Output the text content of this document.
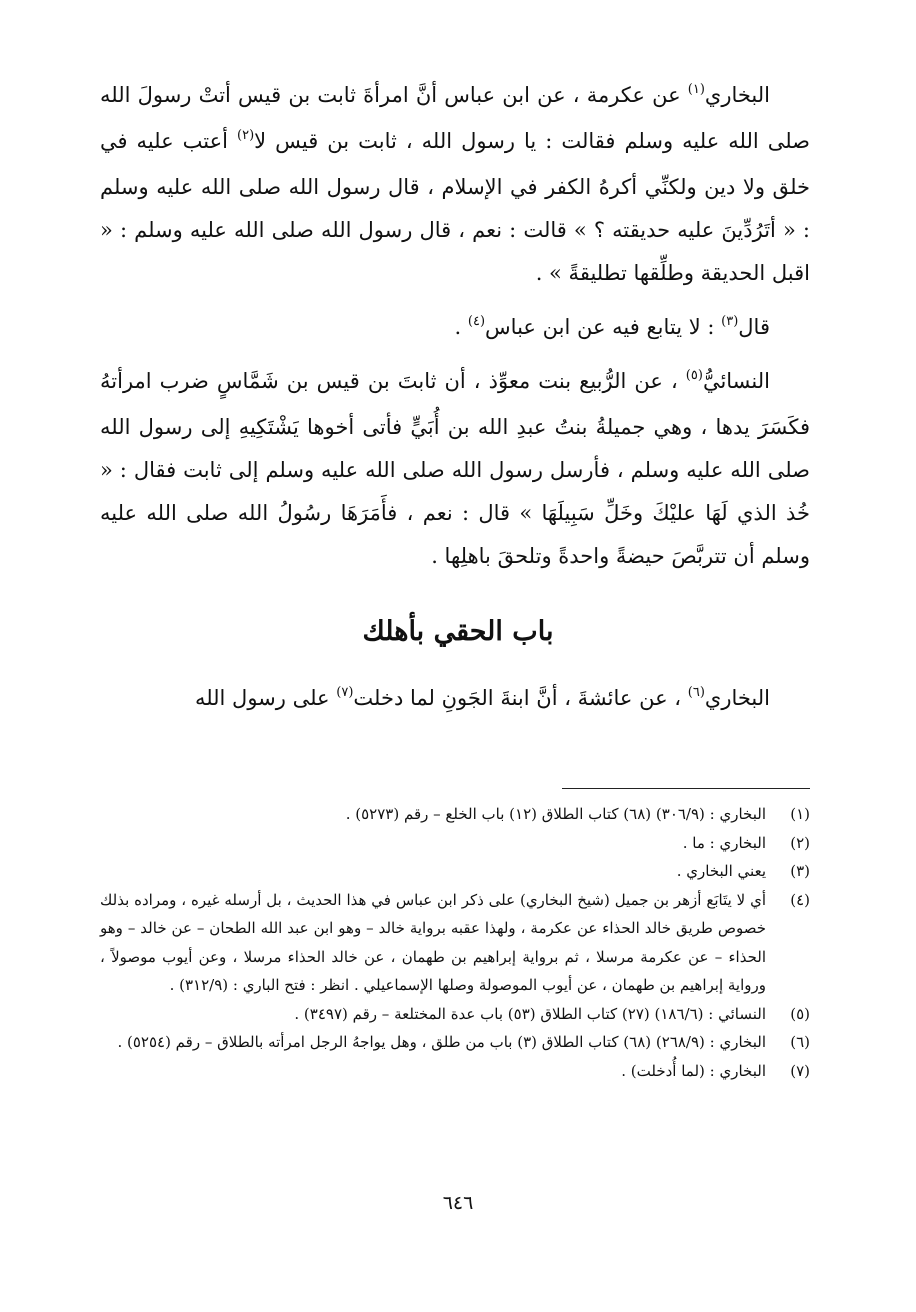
البخاري$^{(١)}$ عن عكرمة ، عن ابن عباس أنَّ امرأةَ ثابت بن قيس أتتْ رسولَ الله صلى الله عليه وسلم فقالت : يا رسول الله ، ثابت بن قيس لا$^{(٢)}$ أعتب عليه في خلق ولا دين ولكنِّي أكرهُ الكفر في الإسلام ، قال رسول الله صلى الله عليه وسلم : « أتَرُدِّينَ عليه حديقته ؟ » قالت : نعم ، قال رسول الله صلى الله عليه وسلم : « اقبل الحديقة وطلِّقها تطليقةً » .
قال$^{(٣)}$ : لا يتابع فيه عن ابن عباس$^{(٤)}$ .
النسائيُّ$^{(٥)}$ ، عن الرُّبيع بنت معوِّذ ، أن ثابتَ بن قيس بن شَمَّاسٍ ضرب امرأتهُ فكَسَرَ يدها ، وهي جميلةُ بنتُ عبدِ الله بن أُبَيٍّ فأتى أخوها يَشْتَكِيهِ إلى رسول الله صلى الله عليه وسلم ، فأرسل رسول الله صلى الله عليه وسلم إلى ثابت فقال : « خُذ الذي لَهَا عليْكَ وخَلِّ سَبِيلَهَا » قال : نعم ، فأَمَرَهَا رسُولُ الله صلى الله عليه وسلم أن تتربَّصَ حيضةً واحدةً وتلحقَ باهلِها .
باب الحقي بأهلك
البخاري$^{(٦)}$ ، عن عائشةَ ، أنَّ ابنةَ الجَونِ لما دخلت$^{(٧)}$ على رسول الله
(١)
البخاري : (٣٠٦/٩) (٦٨) كتاب الطلاق (١٢) باب الخلع – رقم (٥٢٧٣) .
(٢)
البخاري : ما .
(٣)
يعني البخاري .
(٤)
أي لا يتَابَع أزهر بن جميل (شيخ البخاري) على ذكر ابن عباس في هذا الحديث ، بل أرسله غيره ، ومراده بذلك خصوص طريق خالد الحذاء عن عكرمة ، ولهذا عقبه برواية خالد – وهو ابن عبد الله الطحان – عن خالد – وهو الحذاء – عن عكرمة مرسلا ، ثم برواية إبراهيم بن طهمان ، عن خالد الحذاء مرسلا ، وعن أيوب موصولاً ، ورواية إبراهيم بن طهمان ، عن أيوب الموصولة وصلها الإسماعيلي . انظر : فتح الباري : (٣١٢/٩) .
(٥)
النسائي : (١٨٦/٦) (٢٧) كتاب الطلاق (٥٣) باب عدة المختلعة – رقم (٣٤٩٧) .
(٦)
البخاري : (٢٦٨/٩) (٦٨) كتاب الطلاق (٣) باب من طلق ، وهل يواجهُ الرجل امرأته بالطلاق – رقم (٥٢٥٤) .
(٧)
البخاري : (لما أُدخلت) .
٦٤٦
